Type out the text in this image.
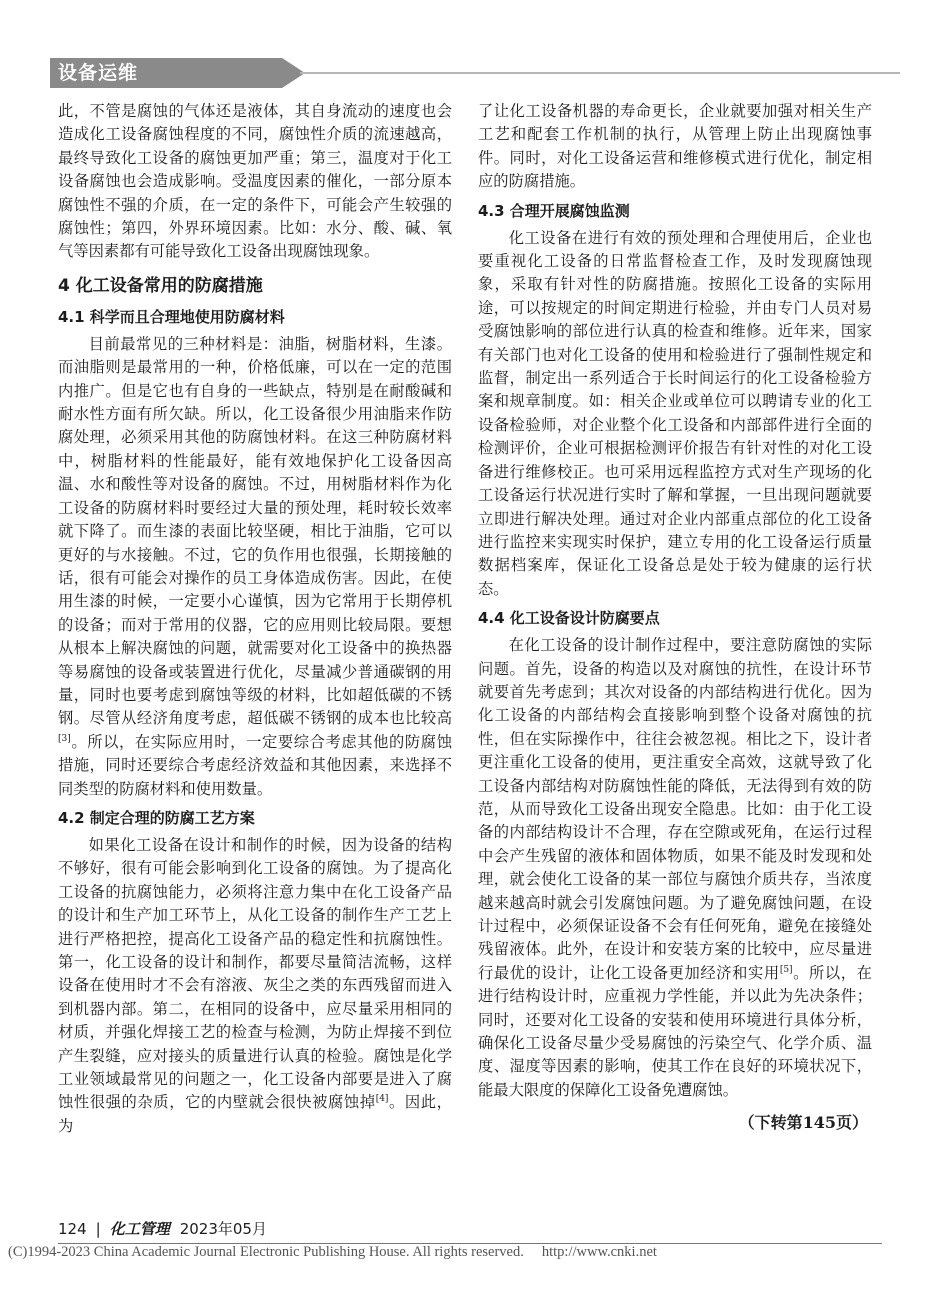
设备运维

此，不管是腐蚀的气体还是液体，其自身流动的速度也会造成化工设备腐蚀程度的不同，腐蚀性介质的流速越高，最终导致化工设备的腐蚀更加严重；第三，温度对于化工设备腐蚀也会造成影响。受温度因素的催化，一部分原本腐蚀性不强的介质，在一定的条件下，可能会产生较强的腐蚀性；第四，外界环境因素。比如：水分、酸、碱、氧气等因素都有可能导致化工设备出现腐蚀现象。

4 化工设备常用的防腐措施
4.1 科学而且合理地使用防腐材料

目前最常见的三种材料是：油脂，树脂材料，生漆。而油脂则是最常用的一种，价格低廉，可以在一定的范围内推广。但是它也有自身的一些缺点，特别是在耐酸碱和耐水性方面有所欠缺。所以，化工设备很少用油脂来作防腐处理，必须采用其他的防腐蚀材料。在这三种防腐材料中，树脂材料的性能最好，能有效地保护化工设备因高温、水和酸性等对设备的腐蚀。不过，用树脂材料作为化工设备的防腐材料时要经过大量的预处理，耗时较长效率就下降了。而生漆的表面比较坚硬，相比于油脂，它可以更好的与水接触。不过，它的负作用也很强，长期接触的话，很有可能会对操作的员工身体造成伤害。因此，在使用生漆的时候，一定要小心谨慎，因为它常用于长期停机的设备；而对于常用的仪器，它的应用则比较局限。要想从根本上解决腐蚀的问题，就需要对化工设备中的换热器等易腐蚀的设备或装置进行优化，尽量减少普通碳钢的用量，同时也要考虑到腐蚀等级的材料，比如超低碳的不锈钢。尽管从经济角度考虑，超低碳不锈钢的成本也比较高[3]。所以，在实际应用时，一定要综合考虑其他的防腐蚀措施，同时还要综合考虑经济效益和其他因素，来选择不同类型的防腐材料和使用数量。

4.2 制定合理的防腐工艺方案

如果化工设备在设计和制作的时候，因为设备的结构不够好，很有可能会影响到化工设备的腐蚀。为了提高化工设备的抗腐蚀能力，必须将注意力集中在化工设备产品的设计和生产加工环节上，从化工设备的制作生产工艺上进行严格把控，提高化工设备产品的稳定性和抗腐蚀性。第一，化工设备的设计和制作，都要尽量简洁流畅，这样设备在使用时才不会有溶液、灰尘之类的东西残留而进入到机器内部。第二，在相同的设备中，应尽量采用相同的材质，并强化焊接工艺的检查与检测，为防止焊接不到位产生裂缝，应对接头的质量进行认真的检验。腐蚀是化学工业领域最常见的问题之一，化工设备内部要是进入了腐蚀性很强的杂质，它的内壁就会很快被腐蚀掉[4]。因此，为

了让化工设备机器的寿命更长，企业就要加强对相关生产工艺和配套工作机制的执行，从管理上防止出现腐蚀事件。同时，对化工设备运营和维修模式进行优化，制定相应的防腐措施。

4.3 合理开展腐蚀监测

化工设备在进行有效的预处理和合理使用后，企业也要重视化工设备的日常监督检查工作，及时发现腐蚀现象，采取有针对性的防腐措施。按照化工设备的实际用途，可以按规定的时间定期进行检验，并由专门人员对易受腐蚀影响的部位进行认真的检查和维修。近年来，国家有关部门也对化工设备的使用和检验进行了强制性规定和监督，制定出一系列适合于长时间运行的化工设备检验方案和规章制度。如：相关企业或单位可以聘请专业的化工设备检验师，对企业整个化工设备和内部部件进行全面的检测评价，企业可根据检测评价报告有针对性的对化工设备进行维修校正。也可采用远程监控方式对生产现场的化工设备运行状况进行实时了解和掌握，一旦出现问题就要立即进行解决处理。通过对企业内部重点部位的化工设备进行监控来实现实时保护，建立专用的化工设备运行质量数据档案库，保证化工设备总是处于较为健康的运行状态。

4.4 化工设备设计防腐要点

在化工设备的设计制作过程中，要注意防腐蚀的实际问题。首先，设备的构造以及对腐蚀的抗性，在设计环节就要首先考虑到；其次对设备的内部结构进行优化。因为化工设备的内部结构会直接影响到整个设备对腐蚀的抗性，但在实际操作中，往往会被忽视。相比之下，设计者更注重化工设备的使用，更注重安全高效，这就导致了化工设备内部结构对防腐蚀性能的降低，无法得到有效的防范，从而导致化工设备出现安全隐患。比如：由于化工设备的内部结构设计不合理，存在空隙或死角，在运行过程中会产生残留的液体和固体物质，如果不能及时发现和处理，就会使化工设备的某一部位与腐蚀介质共存，当浓度越来越高时就会引发腐蚀问题。为了避免腐蚀问题，在设计过程中，必须保证设备不会有任何死角，避免在接缝处残留液体。此外，在设计和安装方案的比较中，应尽量进行最优的设计，让化工设备更加经济和实用[5]。所以，在进行结构设计时，应重视力学性能，并以此为先决条件；同时，还要对化工设备的安装和使用环境进行具体分析，确保化工设备尽量少受易腐蚀的污染空气、化学介质、温度、湿度等因素的影响，使其工作在良好的环境状况下，能最大限度的保障化工设备免遭腐蚀。

（下转第145页）
124 | 化工管理 2023年05月
(C)1994-2023 China Academic Journal Electronic Publishing House. All rights reserved. http://www.cnki.net
